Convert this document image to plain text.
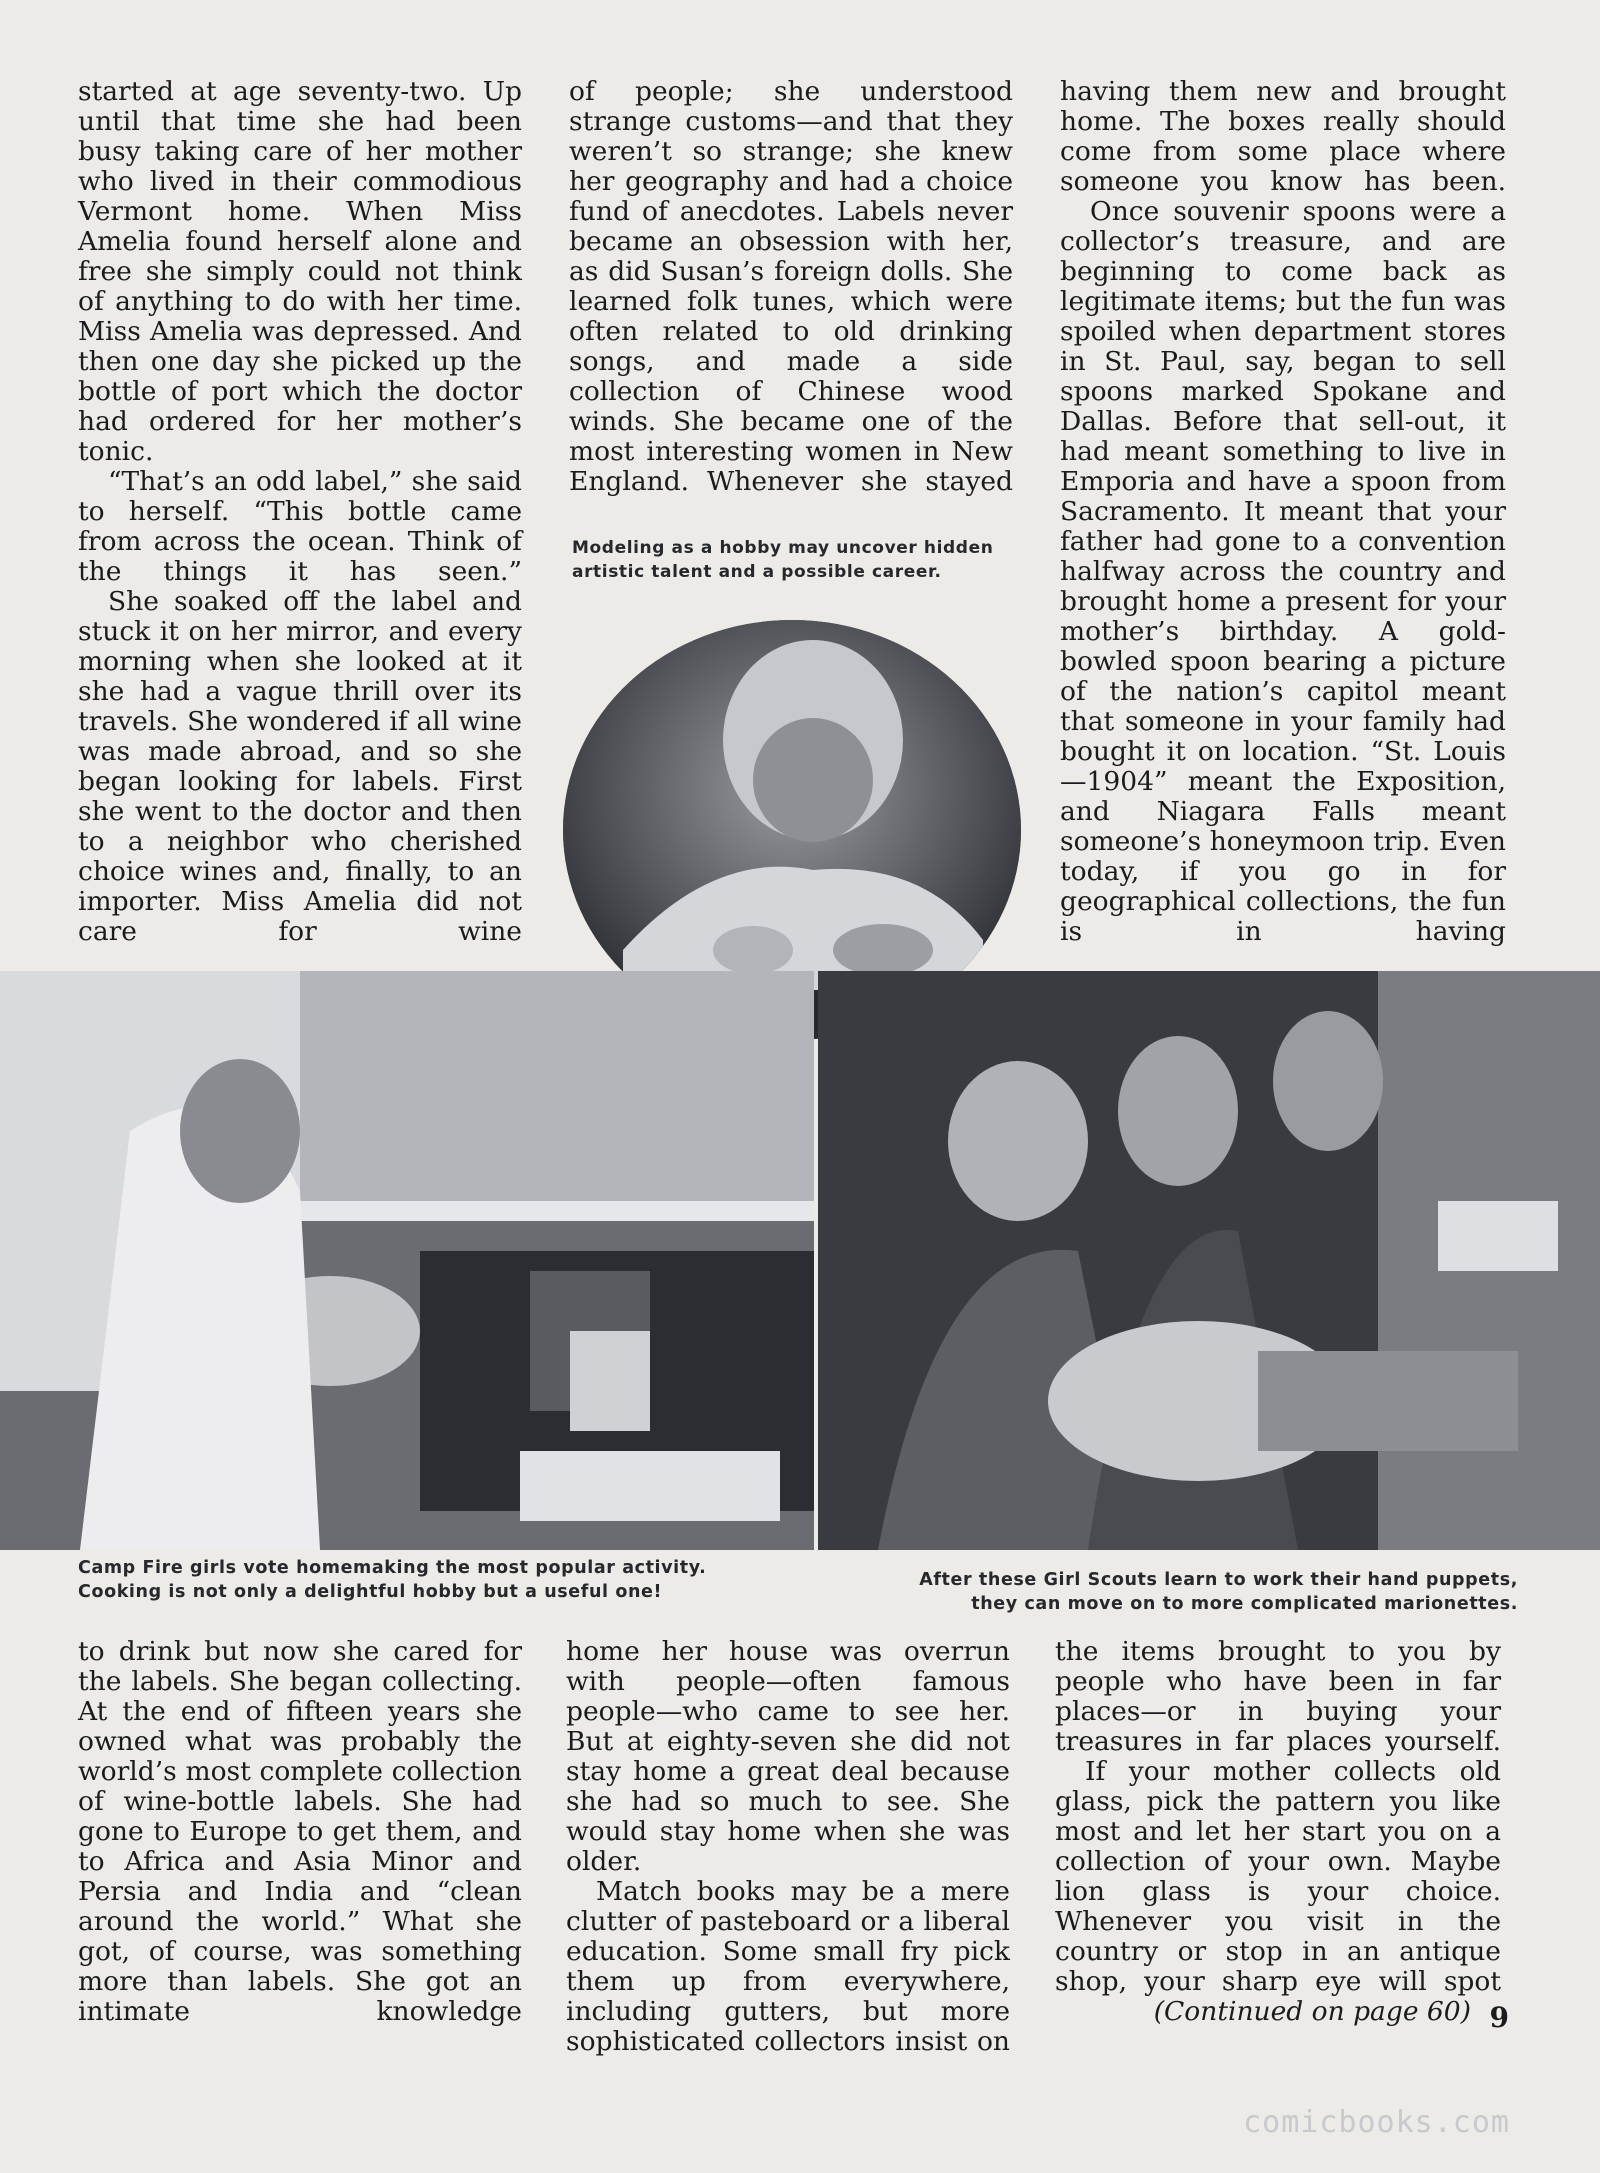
started at age seventy-two. Up until that time she had been busy taking care of her mother who lived in their commodious Vermont home. When Miss Amelia found herself alone and free she simply could not think of anything to do with her time. Miss Amelia was depressed. And then one day she picked up the bottle of port which the doctor had ordered for her mother’s tonic.
“That’s an odd label,” she said to herself. “This bottle came from across the ocean. Think of the things it has seen.”
She soaked off the label and stuck it on her mirror, and every morning when she looked at it she had a vague thrill over its travels. She wondered if all wine was made abroad, and so she began looking for labels. First she went to the doctor and then to a neighbor who cherished choice wines and, finally, to an importer. Miss Amelia did not care for wine
of people; she understood strange customs—and that they weren’t so strange; she knew her geography and had a choice fund of anecdotes. Labels never became an obsession with her, as did Susan’s foreign dolls. She learned folk tunes, which were often related to old drinking songs, and made a side collection of Chinese wood winds. She became one of the most interesting women in New England. Whenever she stayed
having them new and brought home. The boxes really should come from some place where someone you know has been.
Once souvenir spoons were a collector’s treasure, and are beginning to come back as legitimate items; but the fun was spoiled when department stores in St. Paul, say, began to sell spoons marked Spokane and Dallas. Before that sell-out, it had meant something to live in Emporia and have a spoon from Sacramento. It meant that your father had gone to a convention halfway across the country and brought home a present for your mother’s birthday. A gold-bowled spoon bearing a picture of the nation’s capitol meant that someone in your family had bought it on location. “St. Louis—1904” meant the Exposition, and Niagara Falls meant someone’s honeymoon trip. Even today, if you go in for geographical collections, the fun is in having
Modeling as a hobby may uncover hidden
artistic talent and a possible career.
Camp Fire girls vote homemaking the most popular activity.
Cooking is not only a delightful hobby but a useful one!
After these Girl Scouts learn to work their hand puppets,
they can move on to more complicated marionettes.
to drink but now she cared for the labels. She began collecting. At the end of fifteen years she owned what was probably the world’s most complete collection of wine-bottle labels. She had gone to Europe to get them, and to Africa and Asia Minor and Persia and India and “clean around the world.” What she got, of course, was something more than labels. She got an intimate knowledge
home her house was overrun with people—often famous people—who came to see her. But at eighty-seven she did not stay home a great deal because she had so much to see. She would stay home when she was older.
Match books may be a mere clutter of pasteboard or a liberal education. Some small fry pick them up from everywhere, including gutters, but more sophisticated collectors insist on
the items brought to you by people who have been in far places—or in buying your treasures in far places yourself.
If your mother collects old glass, pick the pattern you like most and let her start you on a collection of your own. Maybe lion glass is your choice. Whenever you visit in the country or stop in an antique shop, your sharp eye will spot
(Continued on page 60) 9
comicbooks.com
